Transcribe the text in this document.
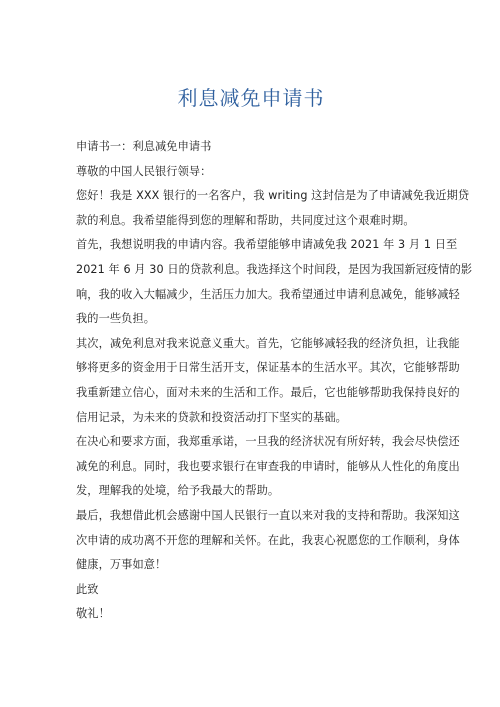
利息减免申请书
申请书一：利息减免申请书
尊敬的中国人民银行领导：
您好！我是 XXX 银行的一名客户，我 writing 这封信是为了申请减免我近期贷
款的利息。我希望能得到您的理解和帮助，共同度过这个艰难时期。
首先，我想说明我的申请内容。我希望能够申请减免我 2021 年 3 月 1 日至
2021 年 6 月 30 日的贷款利息。我选择这个时间段，是因为我国新冠疫情的影
响，我的收入大幅减少，生活压力加大。我希望通过申请利息减免，能够减轻
我的一些负担。
其次，减免利息对我来说意义重大。首先，它能够减轻我的经济负担，让我能
够将更多的资金用于日常生活开支，保证基本的生活水平。其次，它能够帮助
我重新建立信心，面对未来的生活和工作。最后，它也能够帮助我保持良好的
信用记录，为未来的贷款和投资活动打下坚实的基础。
在决心和要求方面，我郑重承诺，一旦我的经济状况有所好转，我会尽快偿还
减免的利息。同时，我也要求银行在审查我的申请时，能够从人性化的角度出
发，理解我的处境，给予我最大的帮助。
最后，我想借此机会感谢中国人民银行一直以来对我的支持和帮助。我深知这
次申请的成功离不开您的理解和关怀。在此，我衷心祝愿您的工作顺利，身体
健康，万事如意！
此致
敬礼！
